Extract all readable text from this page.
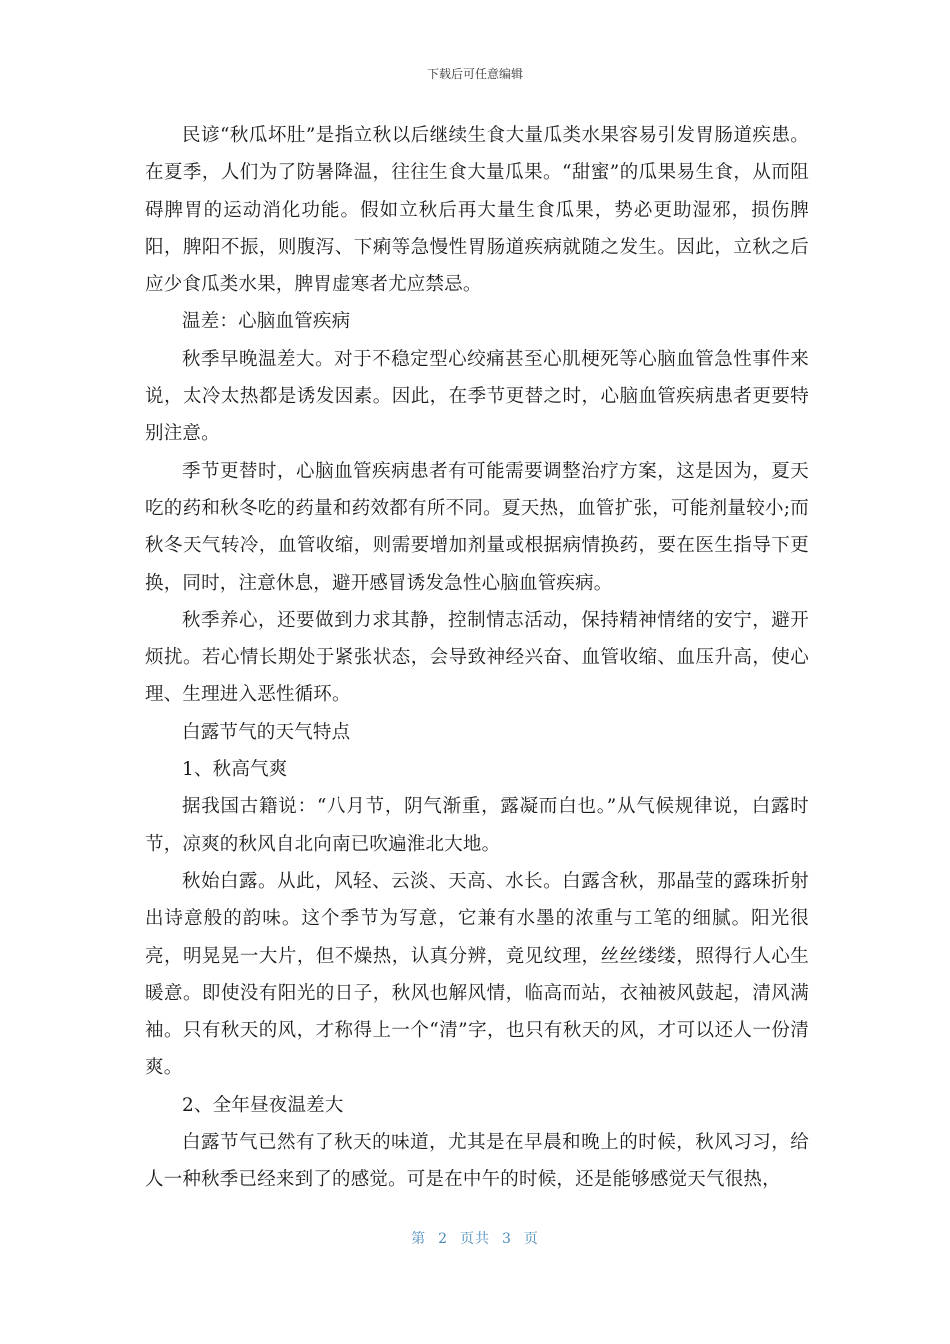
下载后可任意编辑

民谚“秋瓜坏肚”是指立秋以后继续生食大量瓜类水果容易引发胃肠道疾患。在夏季，人们为了防暑降温，往往生食大量瓜果。“甜蜜”的瓜果易生食，从而阻碍脾胃的运动消化功能。假如立秋后再大量生食瓜果，势必更助湿邪，损伤脾阳，脾阳不振，则腹泻、下痢等急慢性胃肠道疾病就随之发生。因此，立秋之后应少食瓜类水果，脾胃虚寒者尤应禁忌。

温差：心脑血管疾病

秋季早晚温差大。对于不稳定型心绞痛甚至心肌梗死等心脑血管急性事件来说，太冷太热都是诱发因素。因此，在季节更替之时，心脑血管疾病患者更要特别注意。

季节更替时，心脑血管疾病患者有可能需要调整治疗方案，这是因为，夏天吃的药和秋冬吃的药量和药效都有所不同。夏天热，血管扩张，可能剂量较小;而秋冬天气转冷，血管收缩，则需要增加剂量或根据病情换药，要在医生指导下更换，同时，注意休息，避开感冒诱发急性心脑血管疾病。

秋季养心，还要做到力求其静，控制情志活动，保持精神情绪的安宁，避开烦扰。若心情长期处于紧张状态，会导致神经兴奋、血管收缩、血压升高，使心理、生理进入恶性循环。

白露节气的天气特点

1、秋高气爽

据我国古籍说：“八月节，阴气渐重，露凝而白也。”从气候规律说，白露时节，凉爽的秋风自北向南已吹遍淮北大地。

秋始白露。从此，风轻、云淡、天高、水长。白露含秋，那晶莹的露珠折射出诗意般的韵味。这个季节为写意，它兼有水墨的浓重与工笔的细腻。阳光很亮，明晃晃一大片，但不燥热，认真分辨，竟见纹理，丝丝缕缕，照得行人心生暖意。即使没有阳光的日子，秋风也解风情，临高而站，衣袖被风鼓起，清风满袖。只有秋天的风，才称得上一个“清”字，也只有秋天的风，才可以还人一份清爽。

2、全年昼夜温差大

白露节气已然有了秋天的味道，尤其是在早晨和晚上的时候，秋风习习，给人一种秋季已经来到了的感觉。可是在中午的时候，还是能够感觉天气很热，

第 2 页共 3 页
